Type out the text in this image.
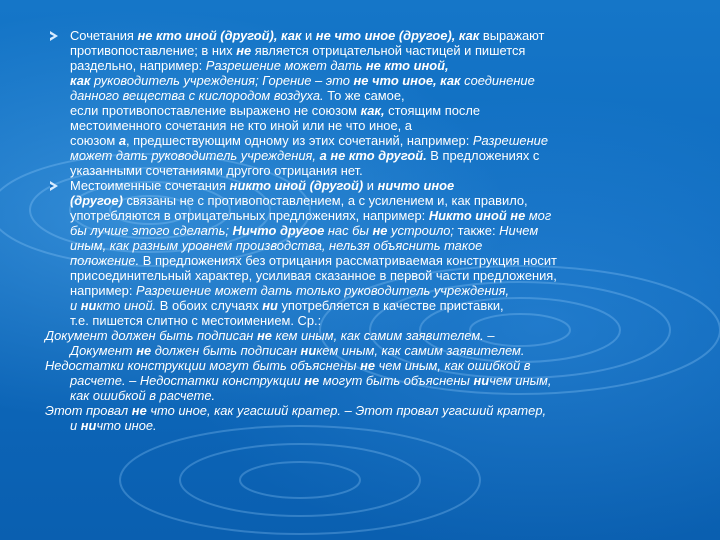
Сочетания не кто иной (другой), как и не что иное (другое), как выражают
противопоставление; в них не является отрицательной частицей и пишется
раздельно, например: Разрешение может дать не кто иной,
как руководитель учреждения; Горение – это не что иное, как соединение
данного вещества с кислородом воздуха. То же самое,
если противопоставление выражено не союзом как, стоящим после
местоименного сочетания не кто иной или не что иное, а
союзом а, предшествующим одному из этих сочетаний, например: Разрешение
может дать руководитель учреждения, а не кто другой. В предложениях с
указанными сочетаниями другого отрицания нет.
Местоименные сочетания никто иной (другой) и ничто иное
(другое) связаны не с противопоставлением, а с усилением и, как правило,
употребляются в отрицательных предложениях, например: Никто иной не мог
бы лучше этого сделать; Ничто другое нас бы не устроило; также: Ничем
иным, как разным уровнем производства, нельзя объяснить такое
положение. В предложениях без отрицания рассматриваемая конструкция носит
присоединительный характер, усиливая сказанное в первой части предложения,
например: Разрешение может дать только руководитель учреждения,
и никто иной. В обоих случаях ни употребляется в качестве приставки,
т.е. пишется слитно с местоимением. Ср.:
Документ должен быть подписан не кем иным, как самим заявителем. –
Документ не должен быть подписан никем иным, как самим заявителем.
Недостатки конструкции могут быть объяснены не чем иным, как ошибкой в
расчете. – Недостатки конструкции не могут быть объяснены ничем иным,
как ошибкой в расчете.
Этот провал не что иное, как угасший кратер. – Этот провал угасший кратер,
и ничто иное.
